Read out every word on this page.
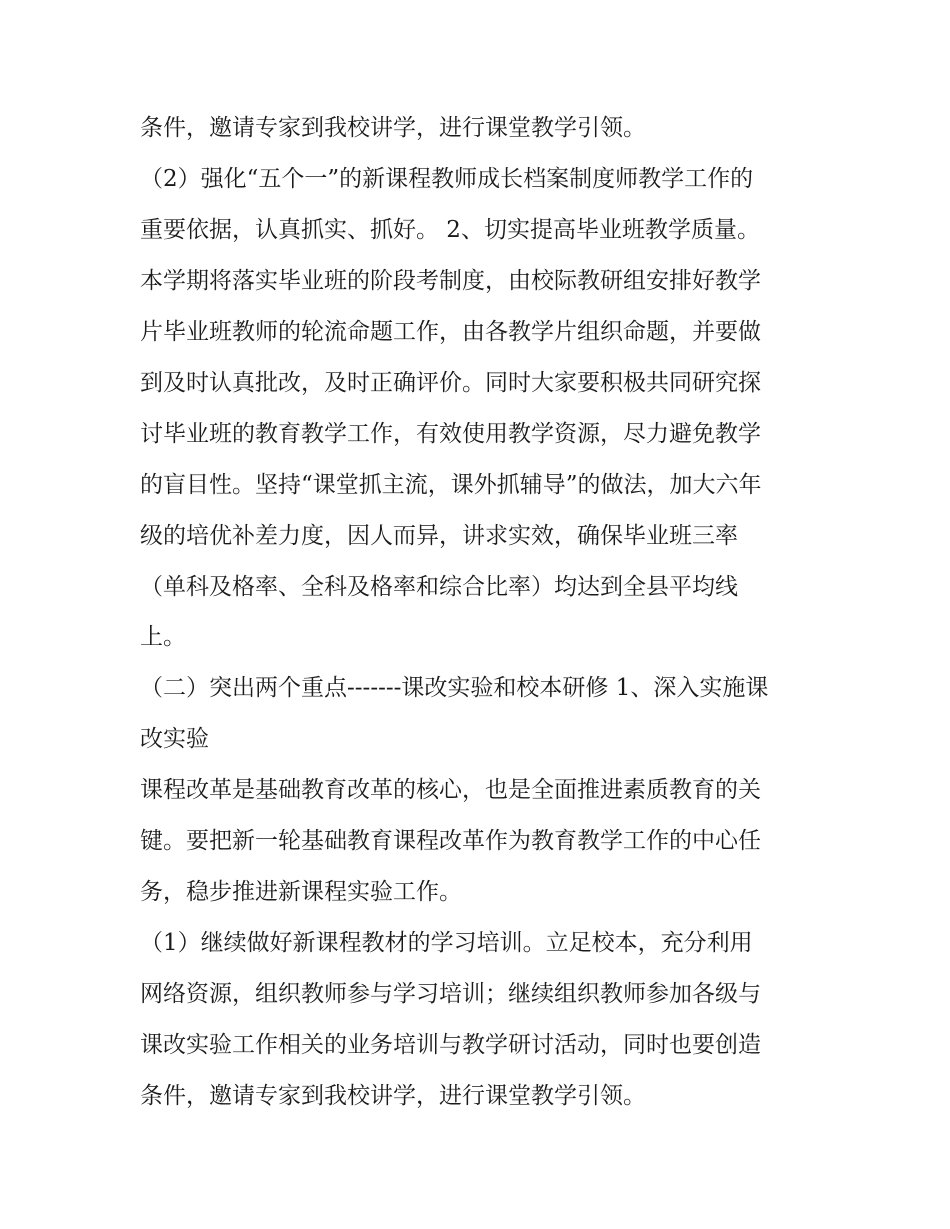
条件，邀请专家到我校讲学，进行课堂教学引领。
（2）强化“五个一”的新课程教师成长档案制度师教学工作的
重要依据，认真抓实、抓好。 2、切实提高毕业班教学质量。
本学期将落实毕业班的阶段考制度，由校际教研组安排好教学
片毕业班教师的轮流命题工作，由各教学片组织命题，并要做
到及时认真批改，及时正确评价。同时大家要积极共同研究探
讨毕业班的教育教学工作，有效使用教学资源，尽力避免教学
的盲目性。坚持“课堂抓主流，课外抓辅导”的做法，加大六年
级的培优补差力度，因人而异，讲求实效，确保毕业班三率
（单科及格率、全科及格率和综合比率）均达到全县平均线
上。
（二）突出两个重点-------课改实验和校本研修 1、深入实施课
改实验
课程改革是基础教育改革的核心，也是全面推进素质教育的关
键。要把新一轮基础教育课程改革作为教育教学工作的中心任
务，稳步推进新课程实验工作。
（1）继续做好新课程教材的学习培训。立足校本，充分利用
网络资源，组织教师参与学习培训；继续组织教师参加各级与
课改实验工作相关的业务培训与教学研讨活动，同时也要创造
条件，邀请专家到我校讲学，进行课堂教学引领。
